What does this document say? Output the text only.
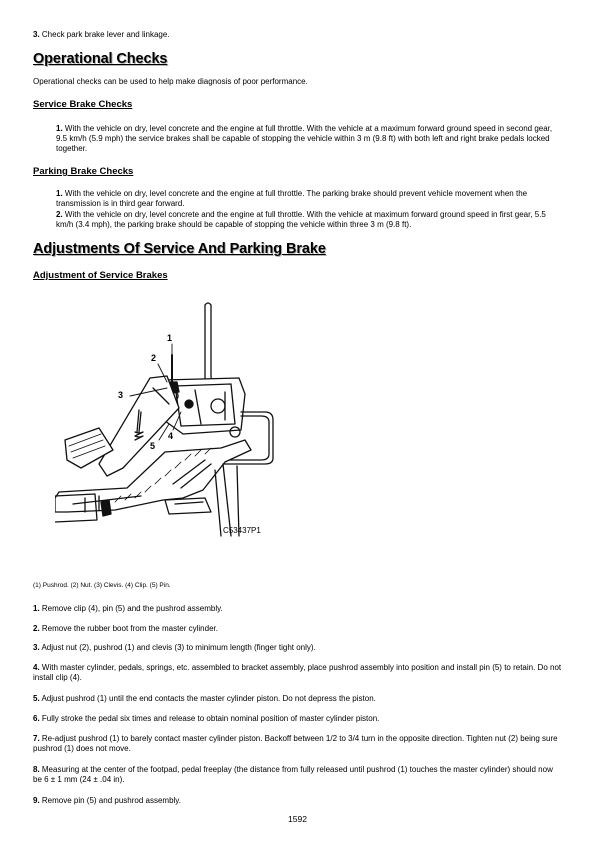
3. Check park brake lever and linkage.

Operational Checks

Operational checks can be used to help make diagnosis of poor performance.

Service Brake Checks

1. With the vehicle on dry, level concrete and the engine at full throttle. With the vehicle at a maximum forward ground speed in second gear, 9.5 km/h (5.9 mph) the service brakes shall be capable of stopping the vehicle within 3 m (9.8 ft) with both left and right brake pedals locked together.

Parking Brake Checks

1. With the vehicle on dry, level concrete and the engine at full throttle. The parking brake should prevent vehicle movement when the transmission is in third gear forward.

2. With the vehicle on dry, level concrete and the engine at full throttle. With the vehicle at maximum forward ground speed in first gear, 5.5 km/h (3.4 mph), the parking brake should be capable of stopping the vehicle within three 3 m (9.8 ft).

Adjustments Of Service And Parking Brake
Adjustment of Service Brakes
1
2
3
4
5
C53437P1

(1) Pushrod. (2) Nut. (3) Clevis. (4) Clip. (5) Pin.

1. Remove clip (4), pin (5) and the pushrod assembly.

2. Remove the rubber boot from the master cylinder.

3. Adjust nut (2), pushrod (1) and clevis (3) to minimum length (finger tight only).

4. With master cylinder, pedals, springs, etc. assembled to bracket assembly, place pushrod assembly into position and install pin (5) to retain. Do not install clip (4).

5. Adjust pushrod (1) until the end contacts the master cylinder piston. Do not depress the piston.

6. Fully stroke the pedal six times and release to obtain nominal position of master cylinder piston.

7. Re-adjust pushrod (1) to barely contact master cylinder piston. Backoff between 1/2 to 3/4 turn in the opposite direction. Tighten nut (2) being sure pushrod (1) does not move.

8. Measuring at the center of the footpad, pedal freeplay (the distance from fully released until pushrod (1) touches the master cylinder) should now be 6 ± 1 mm (24 ± .04 in).

9. Remove pin (5) and pushrod assembly.

1592
